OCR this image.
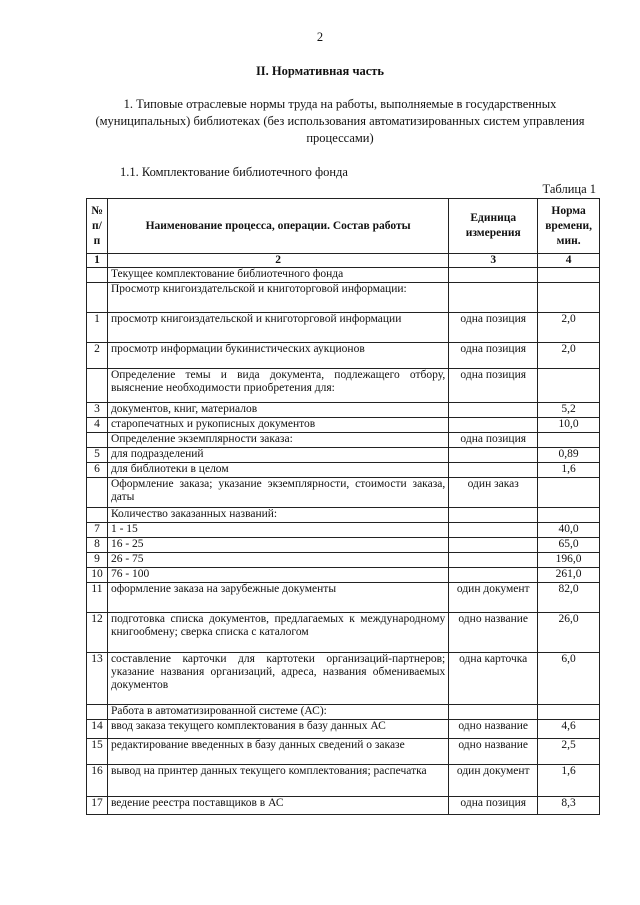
2
II. Нормативная часть
1. Типовые отраслевые нормы труда на работы, выполняемые в государственных (муниципальных) библиотеках (без использования автоматизированных систем управления процессами)
1.1. Комплектование библиотечного фонда
Таблица 1
№ п/п	Наименование процесса, операции. Состав работы	Единица измерения	Норма времени, мин.
1	2	3	4
	Текущее комплектование библиотечного фонда		
	Просмотр книгоиздательской и книготорговой информации:		
1	просмотр книгоиздательской и книготорговой информации	одна позиция	2,0
2	просмотр информации букинистических аукционов	одна позиция	2,0
	Определение темы и вида документа, подлежащего отбору, выяснение необходимости приобретения для:	одна позиция	
3	документов, книг, материалов		5,2
4	старопечатных и рукописных документов		10,0
	Определение экземплярности заказа:	одна позиция	
5	для подразделений		0,89
6	для библиотеки в целом		1,6
	Оформление заказа; указание экземплярности, стоимости заказа, даты	один заказ	
	Количество заказанных названий:		
7	1 - 15		40,0
8	16 - 25		65,0
9	26 - 75		196,0
10	76 - 100		261,0
11	оформление заказа на зарубежные документы	один документ	82,0
12	подготовка списка документов, предлагаемых к международному книгообмену; сверка списка с каталогом	одно название	26,0
13	составление карточки для картотеки организаций-партнеров; указание названия организаций, адреса, названия обмениваемых документов	одна карточка	6,0
	Работа в автоматизированной системе (АС):		
14	ввод заказа текущего комплектования в базу данных АС	одно название	4,6
15	редактирование введенных в базу данных сведений о заказе	одно название	2,5
16	вывод на принтер данных текущего комплектования; распечатка	один документ	1,6
17	ведение реестра поставщиков в АС	одна позиция	8,3
